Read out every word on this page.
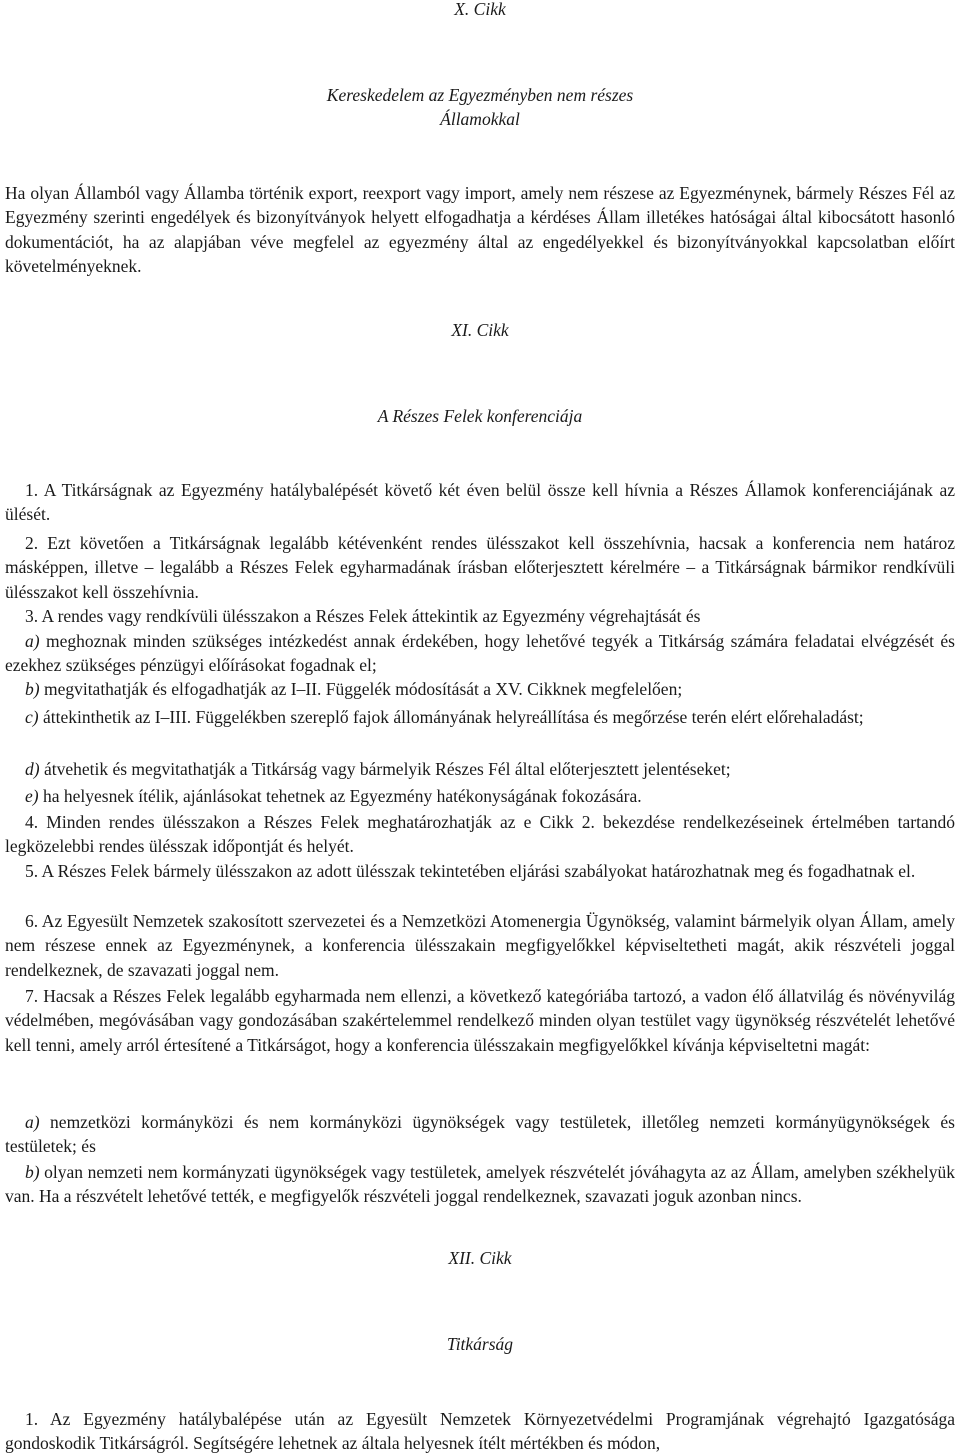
X. Cikk
Kereskedelem az Egyezményben nem részes
Államokkal

Ha olyan Államból vagy Államba történik export, reexport vagy import, amely nem részese az Egyezménynek, bármely Részes Fél az Egyezmény szerinti engedélyek és bizonyítványok helyett elfogadhatja a kérdéses Állam illetékes hatóságai által kibocsátott hasonló dokumentációt, ha az alapjában véve megfelel az egyezmény által az engedélyekkel és bizonyítványokkal kapcsolatban előírt követelményeknek.

XI. Cikk
A Részes Felek konferenciája

1. A Titkárságnak az Egyezmény hatálybalépését követő két éven belül össze kell hívnia a Részes Államok konferenciájának az ülését.

2. Ezt követően a Titkárságnak legalább kétévenként rendes ülésszakot kell összehívnia, hacsak a konferencia nem határoz másképpen, illetve – legalább a Részes Felek egyharmadának írásban előterjesztett kérelmére – a Titkárságnak bármikor rendkívüli ülésszakot kell összehívnia.

3. A rendes vagy rendkívüli ülésszakon a Részes Felek áttekintik az Egyezmény végrehajtását és

a) meghoznak minden szükséges intézkedést annak érdekében, hogy lehetővé tegyék a Titkárság számára feladatai elvégzését és ezekhez szükséges pénzügyi előírásokat fogadnak el;

b) megvitathatják és elfogadhatják az I–II. Függelék módosítását a XV. Cikknek megfelelően;

c) áttekinthetik az I–III. Függelékben szereplő fajok állományának helyreállítása és megőrzése terén elért előrehaladást;

d) átvehetik és megvitathatják a Titkárság vagy bármelyik Részes Fél által előterjesztett jelentéseket;

e) ha helyesnek ítélik, ajánlásokat tehetnek az Egyezmény hatékonyságának fokozására.

4. Minden rendes ülésszakon a Részes Felek meghatározhatják az e Cikk 2. bekezdése rendelkezéseinek értelmében tartandó legközelebbi rendes ülésszak időpontját és helyét.

5. A Részes Felek bármely ülésszakon az adott ülésszak tekintetében eljárási szabályokat határozhatnak meg és fogadhatnak el.

6. Az Egyesült Nemzetek szakosított szervezetei és a Nemzetközi Atomenergia Ügynökség, valamint bármelyik olyan Állam, amely nem részese ennek az Egyezménynek, a konferencia ülésszakain megfigyelőkkel képviseltetheti magát, akik részvételi joggal rendelkeznek, de szavazati joggal nem.

7. Hacsak a Részes Felek legalább egyharmada nem ellenzi, a következő kategóriába tartozó, a vadon élő állatvilág és növényvilág védelmében, megóvásában vagy gondozásában szakértelemmel rendelkező minden olyan testület vagy ügynökség részvételét lehetővé kell tenni, amely arról értesítené a Titkárságot, hogy a konferencia ülésszakain megfigyelőkkel kívánja képviseltetni magát:

a) nemzetközi kormányközi és nem kormányközi ügynökségek vagy testületek, illetőleg nemzeti kormányügynökségek és testületek; és

b) olyan nemzeti nem kormányzati ügynökségek vagy testületek, amelyek részvételét jóváhagyta az az Állam, amelyben székhelyük van. Ha a részvételt lehetővé tették, e megfigyelők részvételi joggal rendelkeznek, szavazati joguk azonban nincs.

XII. Cikk
Titkárság

1. Az Egyezmény hatálybalépése után az Egyesült Nemzetek Környezetvédelmi Programjának végrehajtó Igazgatósága gondoskodik Titkárságról. Segítségére lehetnek az általa helyesnek ítélt mértékben és módon,
